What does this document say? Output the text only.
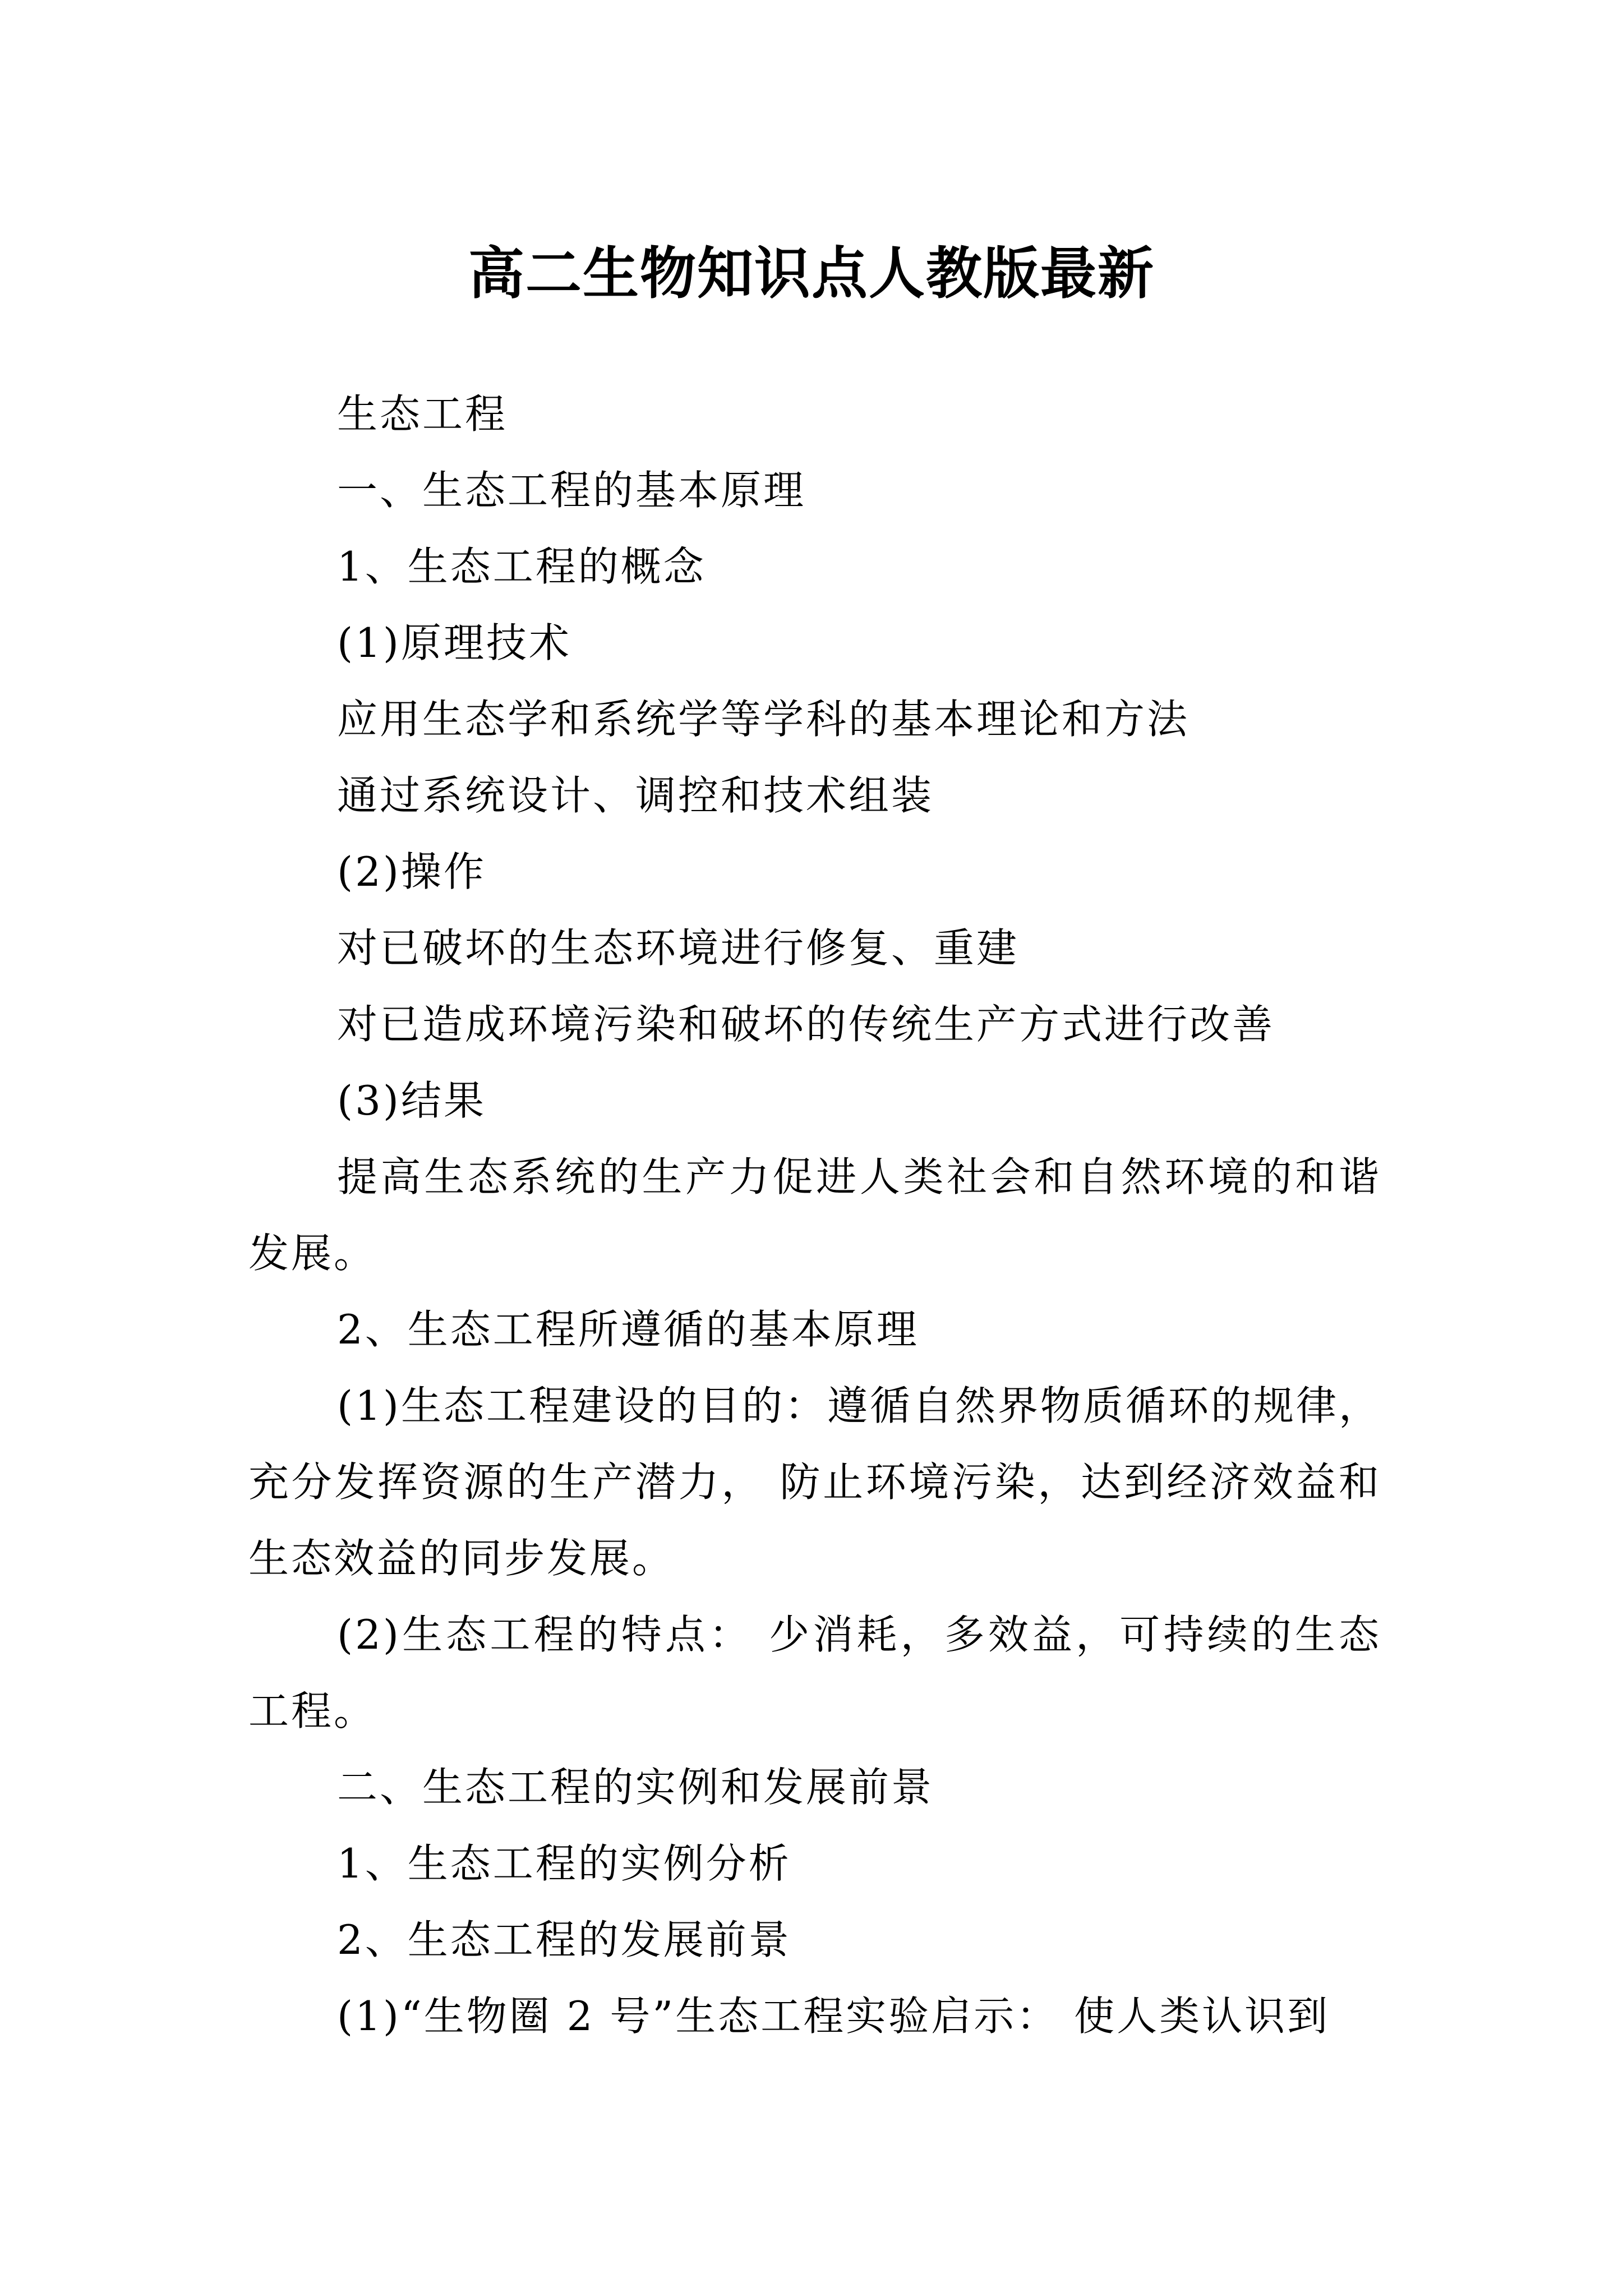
高二生物知识点人教版最新

生态工程

一、生态工程的基本原理

1、生态工程的概念

(1)原理技术

应用生态学和系统学等学科的基本理论和方法

通过系统设计、调控和技术组装

(2)操作

对已破坏的生态环境进行修复、重建

对已造成环境污染和破坏的传统生产方式进行改善

(3)结果

提高生态系统的生产力促进人类社会和自然环境的和谐发展。

2、生态工程所遵循的基本原理

(1)生态工程建设的目的：遵循自然界物质循环的规律，充分发挥资源的生产潜力， 防止环境污染，达到经济效益和生态效益的同步发展。

(2)生态工程的特点： 少消耗，多效益，可持续的生态工程。

二、生态工程的实例和发展前景

1、生态工程的实例分析

2、生态工程的发展前景

(1)“生物圈 2 号”生态工程实验启示： 使人类认识到
